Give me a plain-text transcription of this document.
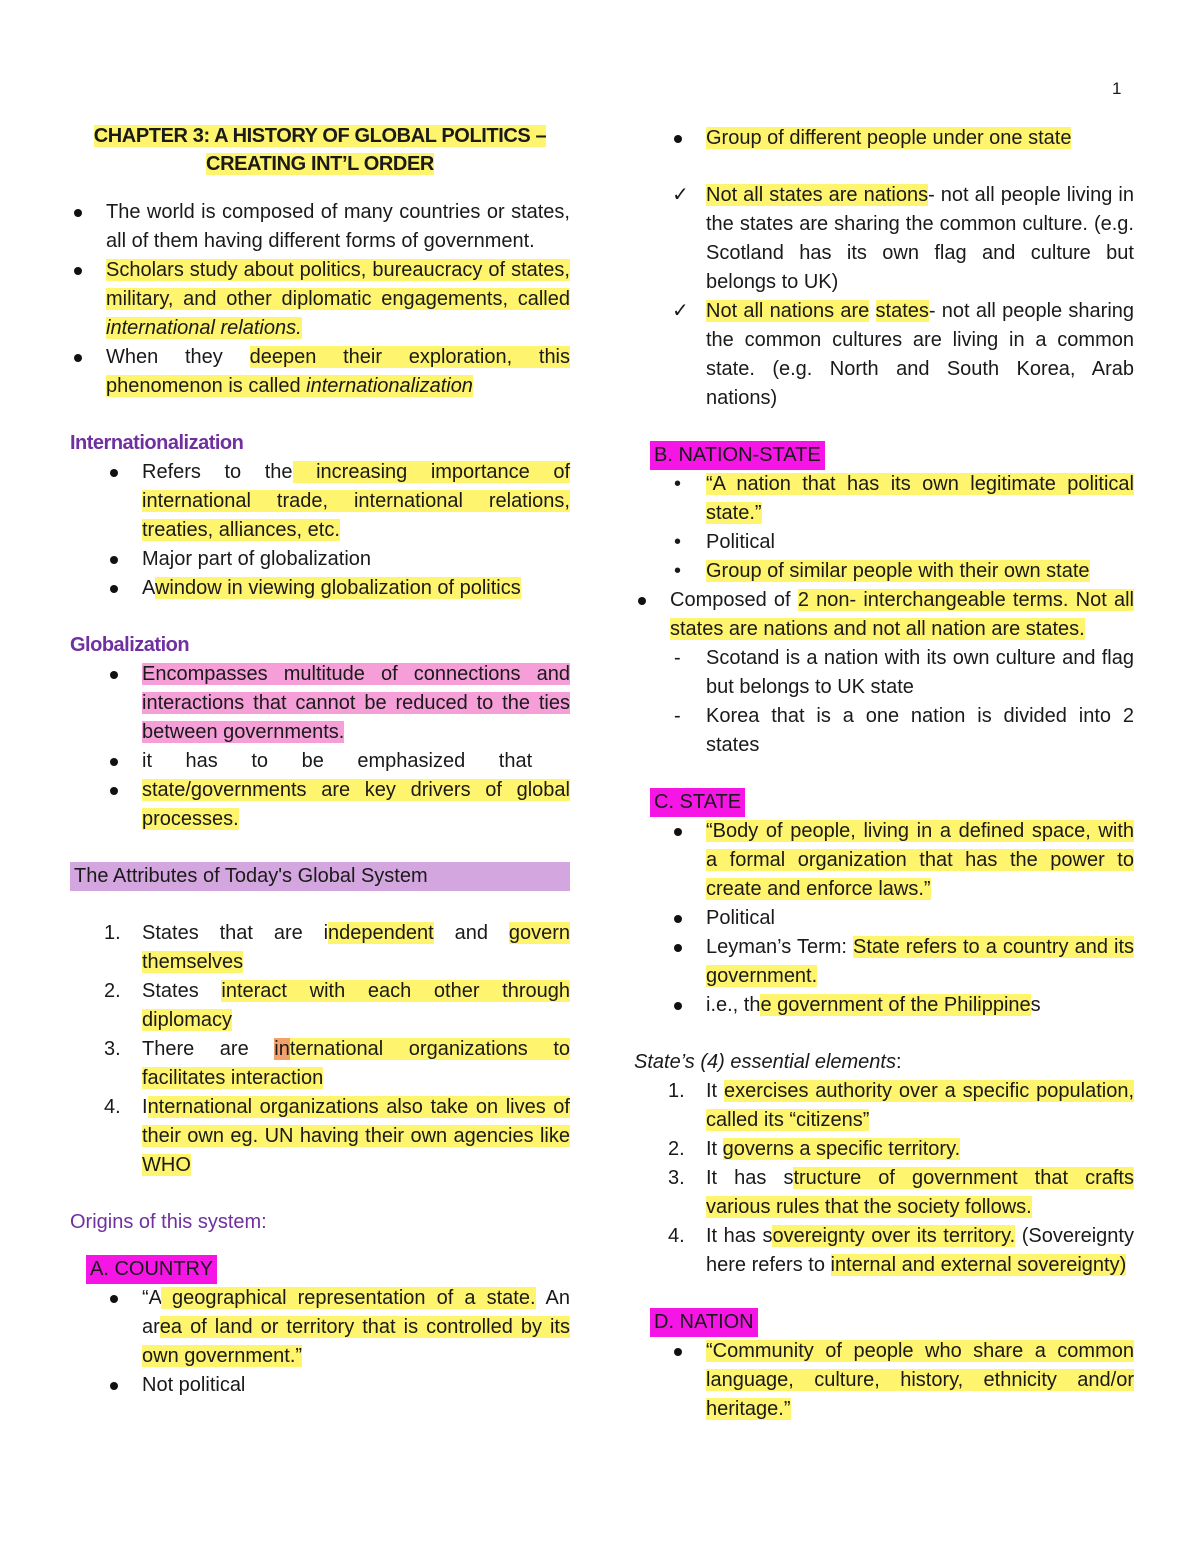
1
CHAPTER 3: A HISTORY OF GLOBAL POLITICS –
CREATING INT’L ORDER
The world is composed of many countries or states, all of them having different forms of government.
Scholars study about politics, bureaucracy of states, military, and other diplomatic engagements, called international relations.
When they deepen their exploration, this phenomenon is called internationalization
Internationalization
Refers to the increasing importance of international trade, international relations, treaties, alliances, etc.
Major part of globalization
Awindow in viewing globalization of politics
Globalization
Encompasses multitude of connections and interactions that cannot be reduced to the ties between governments.
it has to be emphasized that
state/governments are key drivers of global processes.
The Attributes of Today's Global System
1. States that are independent and govern themselves
2. States interact with each other through diplomacy
3. There are international organizations to facilitates interaction
4. International organizations also take on lives of their own eg. UN having their own agencies like WHO
Origins of this system:
A. COUNTRY
“A geographical representation of a state. An area of land or territory that is controlled by its own government.”
Not political
Group of different people under one state
✓ Not all states are nations- not all people living in the states are sharing the common culture. (e.g. Scotland has its own flag and culture but belongs to UK)
✓ Not all nations are states- not all people sharing the common cultures are living in a common state. (e.g. North and South Korea, Arab nations)
B. NATION-STATE
• “A nation that has its own legitimate political state.”
• Political
• Group of similar people with their own state
Composed of 2 non- interchangeable terms. Not all states are nations and not all nation are states.
- Scotand is a nation with its own culture and flag but belongs to UK state
- Korea that is a one nation is divided into 2 states
C. STATE
“Body of people, living in a defined space, with a formal organization that has the power to create and enforce laws.”
Political
Leyman’s Term: State refers to a country and its government.
i.e., the government of the Philippines
State’s (4) essential elements:
1. It exercises authority over a specific population, called its “citizens”
2. It governs a specific territory.
3. It has structure of government that crafts various rules that the society follows.
4. It has sovereignty over its territory. (Sovereignty here refers to internal and external sovereignty)
D. NATION
“Community of people who share a common language, culture, history, ethnicity and/or heritage.”
